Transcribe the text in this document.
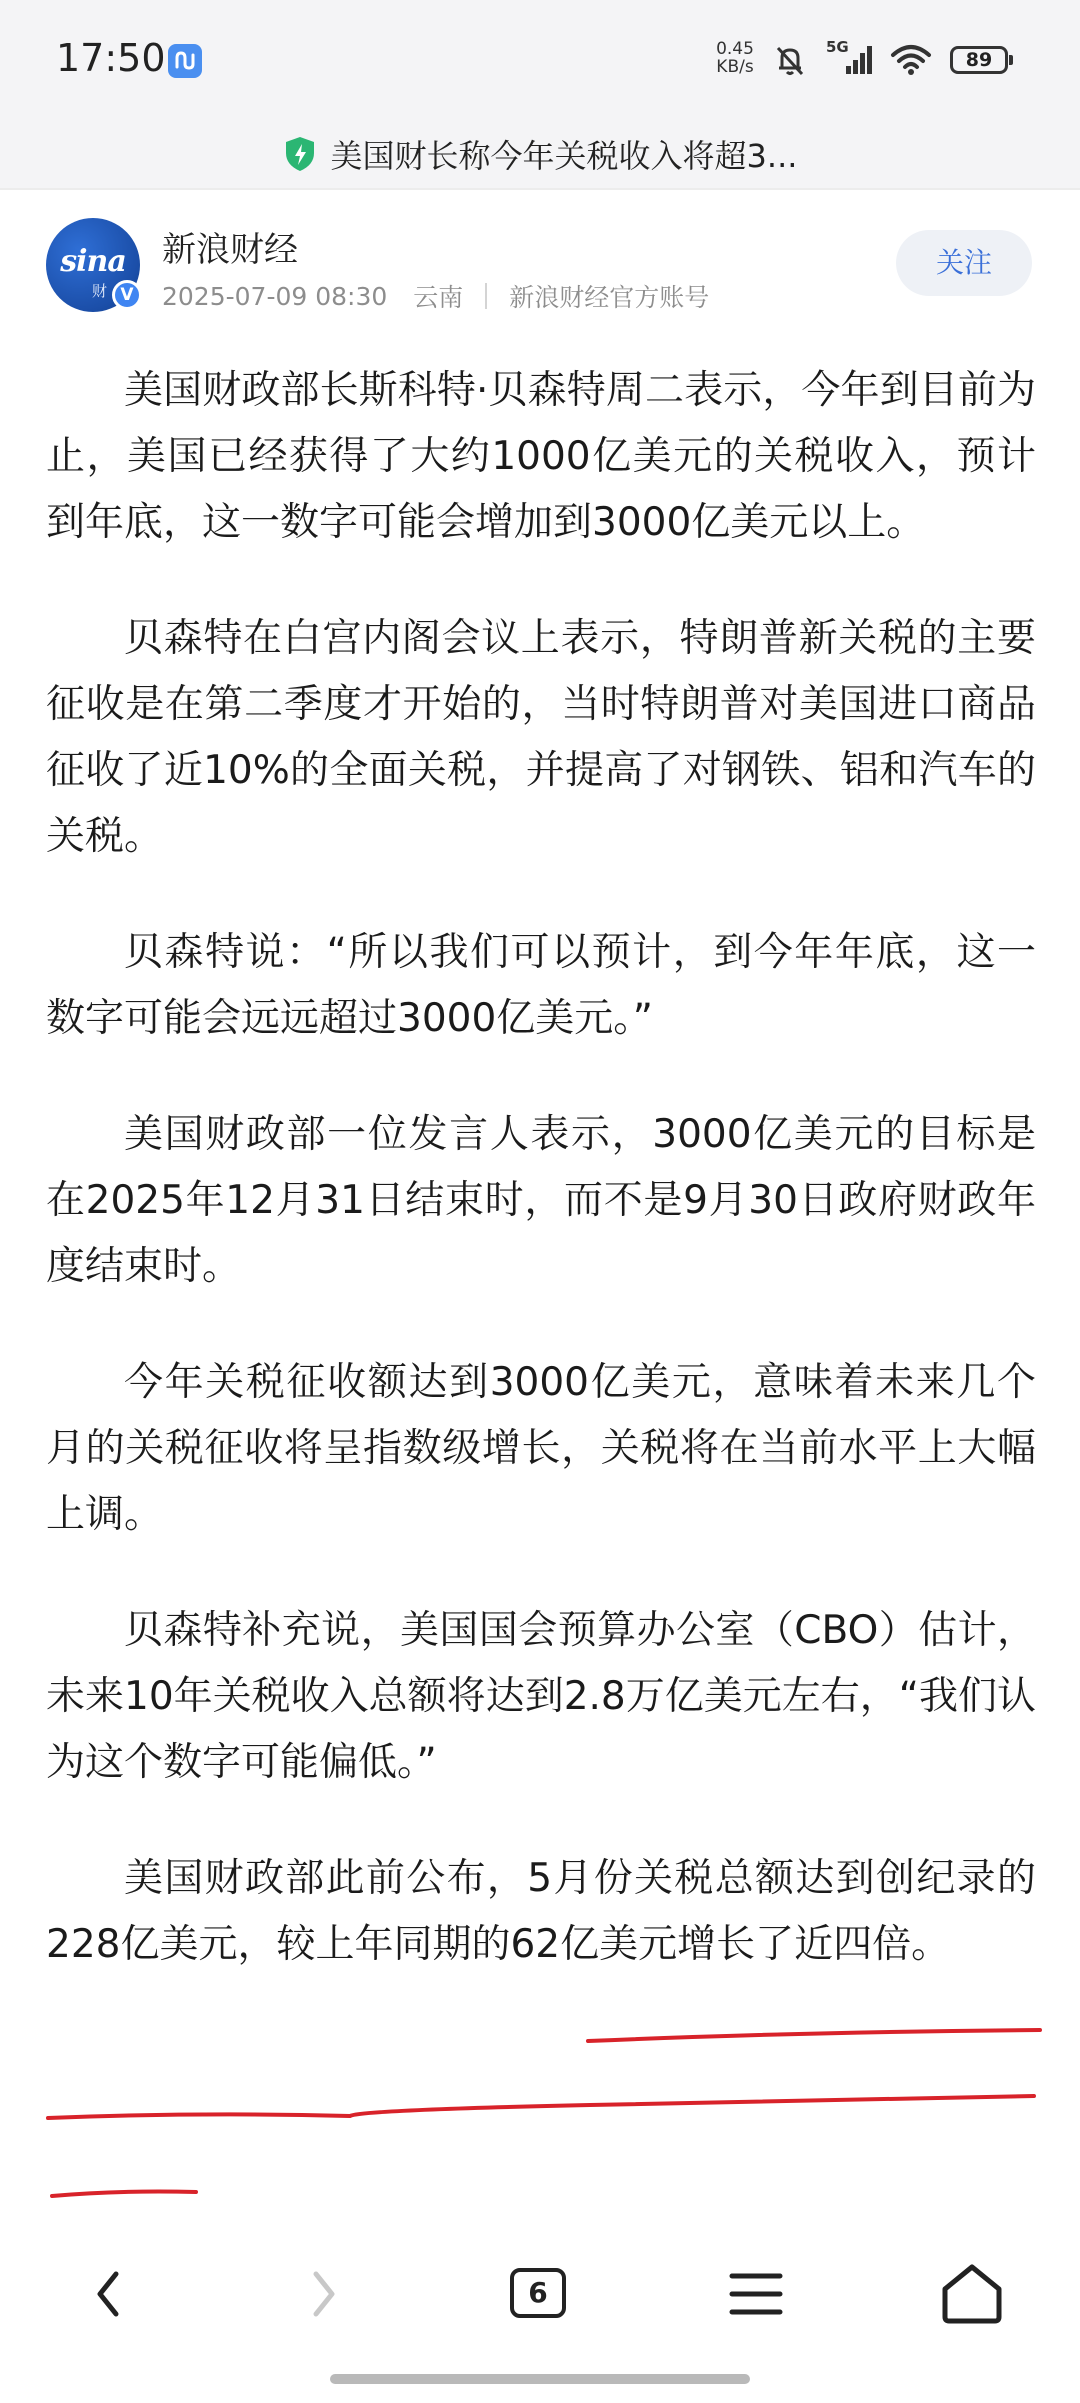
17:50	0.45
KB/s
5G
89
美国财长称今年关税收入将超3...
sina
财 V
新浪财经
2025-07-09 08:30 云南 新浪财经官方账号
关注

美国财政部长斯科特·贝森特周二表示，今年到目前为止，美国已经获得了大约1000亿美元的关税收入，预计到年底，这一数字可能会增加到3000亿美元以上。

贝森特在白宫内阁会议上表示，特朗普新关税的主要征收是在第二季度才开始的，当时特朗普对美国进口商品征收了近10%的全面关税，并提高了对钢铁、铝和汽车的关税。

贝森特说：“所以我们可以预计，到今年年底，这一数字可能会远远超过3000亿美元。”

美国财政部一位发言人表示，3000亿美元的目标是在2025年12月31日结束时，而不是9月30日政府财政年度结束时。

今年关税征收额达到3000亿美元，意味着未来几个月的关税征收将呈指数级增长，关税将在当前水平上大幅上调。

贝森特补充说，美国国会预算办公室（CBO）估计，未来10年关税收入总额将达到2.8万亿美元左右，“我们认为这个数字可能偏低。”

美国财政部此前公布，5月份关税总额达到创纪录的228亿美元，较上年同期的62亿美元增长了近四倍。

6
